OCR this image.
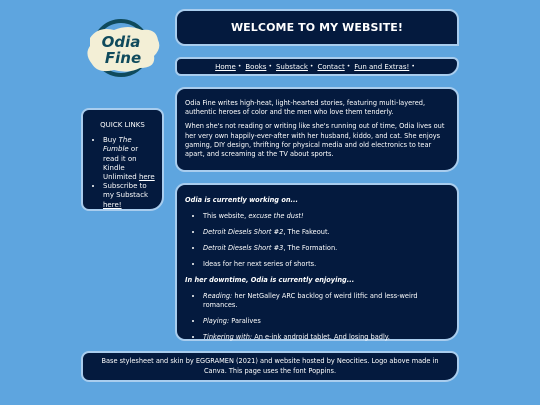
Odia
Fine
WELCOME TO MY WEBSITE!
Home • Books • Substack • Contact • Fun and Extras! •
QUICK LINKS
• Buy The Fumble or read it on Kindle Unlimited here
• Subscribe to my Substack here!

Odia Fine writes high-heat, light-hearted stories, featuring multi-layered, authentic heroes of color and the men who love them tenderly.

When she's not reading or writing like she's running out of time, Odia lives out her very own happily-ever-after with her husband, kiddo, and cat. She enjoys gaming, DIY design, thrifting for physical media and old electronics to tear apart, and screaming at the TV about sports.

Odia is currently working on...

• This website, excuse the dust!
• Detroit Diesels Short #2, The Fakeout.
• Detroit Diesels Short #3, The Formation.
• Ideas for her next series of shorts.

In her downtime, Odia is currently enjoying...

• Reading: her NetGalley ARC backlog of weird litfic and less-weird romances.
• Playing: Paralives
• Tinkering with: An e-ink android tablet. And losing badly.
Base stylesheet and skin by EGGRAMEN (2021) and website hosted by Neocities. Logo above made in Canva. This page uses the font Poppins.
